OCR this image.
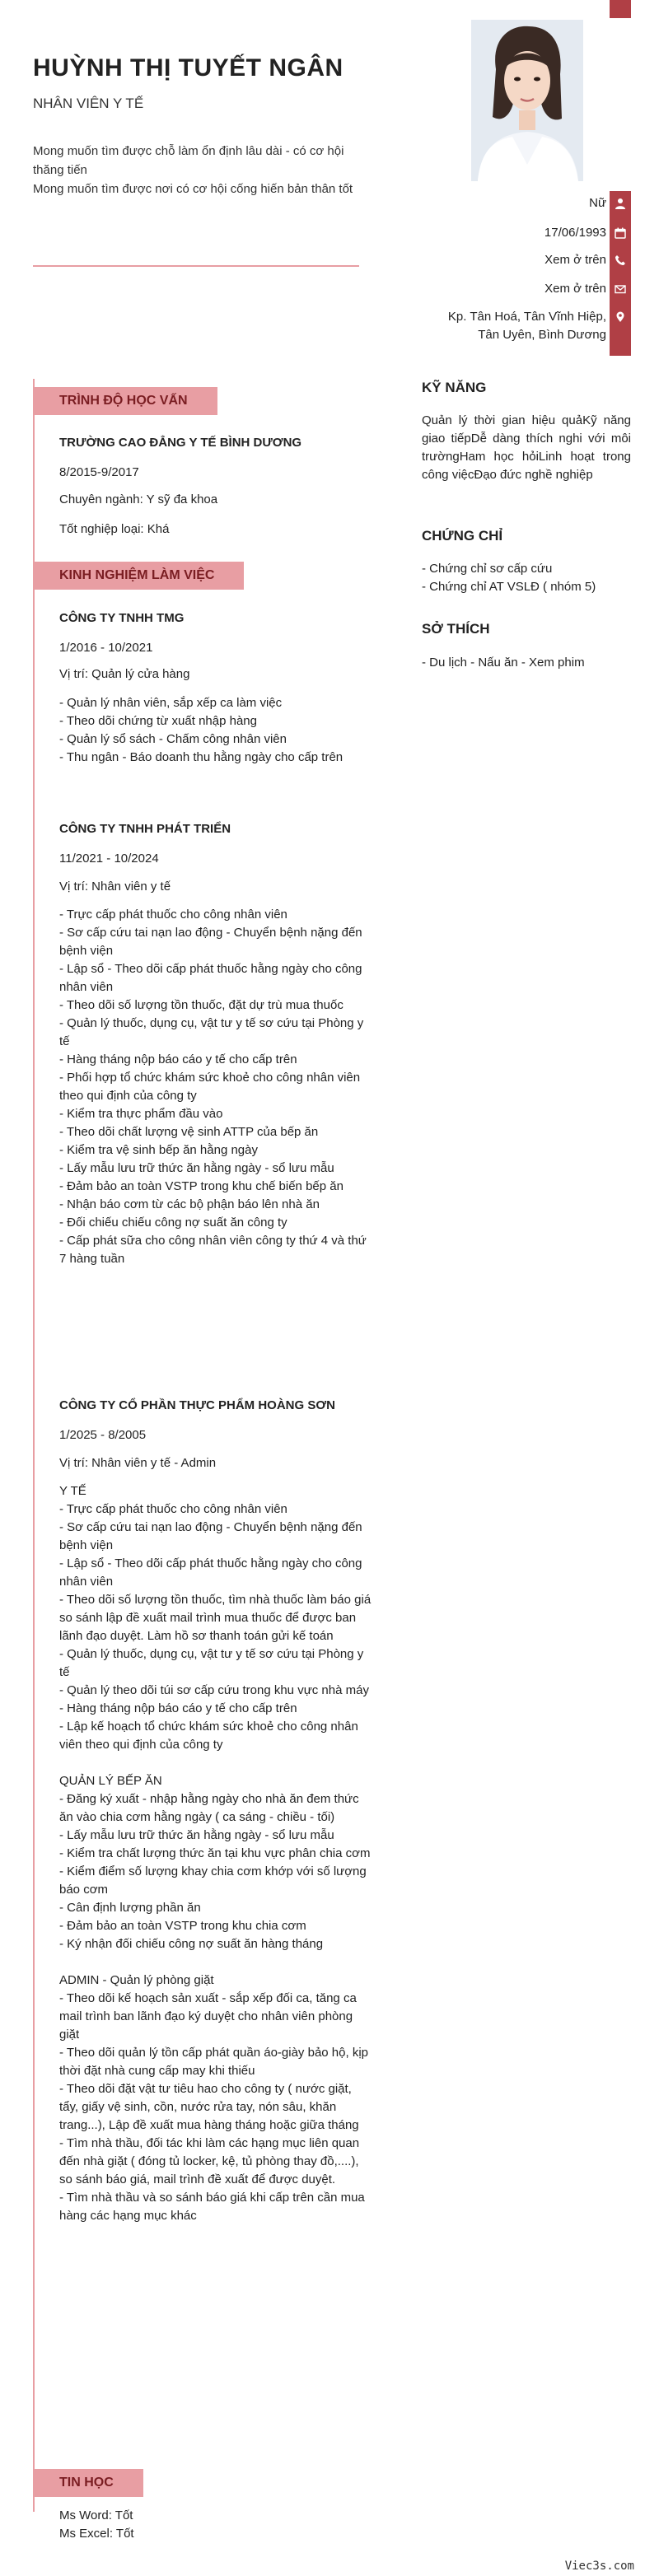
HUỲNH THỊ TUYẾT NGÂN
NHÂN VIÊN Y TẾ
Mong muốn tìm được chỗ làm ổn định lâu dài - có cơ hội thăng tiến
Mong muốn tìm được nơi có cơ hội cống hiến bản thân tốt
Nữ
17/06/1993
Xem ở trên
Xem ở trên
Kp. Tân Hoá, Tân Vĩnh Hiệp,
Tân Uyên, Bình Dương
TRÌNH ĐỘ HỌC VẤN
TRƯỜNG CAO ĐẲNG Y TẾ BÌNH DƯƠNG
8/2015-9/2017
Chuyên ngành: Y sỹ đa khoa
Tốt nghiệp loại: Khá
KINH NGHIỆM LÀM VIỆC
CÔNG TY TNHH TMG
1/2016 - 10/2021
Vị trí: Quản lý cửa hàng
- Quản lý nhân viên, sắp xếp ca làm việc
- Theo dõi chứng từ xuất nhập hàng
- Quản lý sổ sách - Chấm công nhân viên
- Thu ngân - Báo doanh thu hằng ngày cho cấp trên
CÔNG TY TNHH PHÁT TRIỂN
11/2021 - 10/2024
Vị trí: Nhân viên y tế
- Trực cấp phát thuốc cho công nhân viên
- Sơ cấp cứu tai nạn lao động - Chuyển bệnh nặng đến bệnh viện
- Lập sổ - Theo dõi cấp phát thuốc hằng ngày cho công nhân viên
- Theo dõi số lượng tồn thuốc, đặt dự trù mua thuốc
- Quản lý thuốc, dụng cụ, vật tư y tế sơ cứu tại Phòng y tế
- Hàng tháng nộp báo cáo y tế cho cấp trên
- Phối hợp tổ chức khám sức khoẻ cho công nhân viên theo qui định của công ty
- Kiểm tra thực phẩm đầu vào
- Theo dõi chất lượng vệ sinh ATTP của bếp ăn
- Kiểm tra vệ sinh bếp ăn hằng ngày
- Lấy mẫu lưu trữ thức ăn hằng ngày - sổ lưu mẫu
- Đảm bảo an toàn VSTP trong khu chế biến bếp ăn
- Nhận báo cơm từ các bộ phận báo lên nhà ăn
- Đối chiếu chiếu công nợ suất ăn công ty
- Cấp phát sữa cho công nhân viên công ty thứ 4 và thứ 7 hàng tuần
CÔNG TY CỔ PHẦN THỰC PHẨM HOÀNG SƠN
1/2025 - 8/2005
Vị trí: Nhân viên y tế - Admin
Y TẾ
- Trực cấp phát thuốc cho công nhân viên
- Sơ cấp cứu tai nạn lao động - Chuyển bệnh nặng đến bệnh viện
- Lập sổ - Theo dõi cấp phát thuốc hằng ngày cho công nhân viên
- Theo dõi số lượng tồn thuốc, tìm nhà thuốc làm báo giá so sánh lập đề xuất mail trình mua thuốc để được ban lãnh đạo duyệt. Làm hồ sơ thanh toán gửi kế toán
- Quản lý thuốc, dụng cụ, vật tư y tế sơ cứu tại Phòng y tế
- Quản lý theo dõi túi sơ cấp cứu trong khu vực nhà máy
- Hàng tháng nộp báo cáo y tế cho cấp trên
- Lập kế hoạch tổ chức khám sức khoẻ cho công nhân viên theo qui định của công ty
QUẢN LÝ BẾP ĂN
- Đăng ký xuất - nhập hằng ngày cho nhà ăn đem thức ăn vào chia cơm hằng ngày ( ca sáng - chiều - tối)
- Lấy mẫu lưu trữ thức ăn hằng ngày - sổ lưu mẫu
- Kiểm tra chất lượng thức ăn tại khu vực phân chia cơm
- Kiểm điểm số lượng khay chia cơm khớp với số lượng báo cơm
- Cân định lượng phần ăn
- Đảm bảo an toàn VSTP trong khu chia cơm
- Ký nhận đối chiếu công nợ suất ăn hàng tháng
ADMIN - Quản lý phòng giặt
- Theo dõi kế hoạch sản xuất - sắp xếp đối ca, tăng ca mail trình ban lãnh đạo ký duyệt cho nhân viên phòng giặt
- Theo dõi quản lý tồn cấp phát quần áo-giày bảo hộ, kịp thời đặt nhà cung cấp may khi thiếu
- Theo dõi đặt vật tư tiêu hao cho công ty ( nước giặt, tẩy, giấy vệ sinh, cồn, nước rửa tay, nón sâu, khăn trang...), Lập đề xuất mua hàng tháng hoặc giữa tháng
- Tìm nhà thầu, đối tác khi làm các hạng mục liên quan đến nhà giặt ( đóng tủ locker, kệ, tủ phòng thay đồ,....), so sánh báo giá, mail trình đề xuất để được duyệt.
- Tìm nhà thầu và so sánh báo giá khi cấp trên cần mua hàng các hạng mục khác
TIN HỌC
Ms Word: Tốt
Ms Excel: Tốt
KỸ NĂNG
Quản lý thời gian hiệu quảKỹ năng giao tiếpDễ dàng thích nghi với môi trườngHam học hỏiLinh hoạt trong công việcĐạo đức nghề nghiệp
CHỨNG CHỈ
- Chứng chỉ sơ cấp cứu
- Chứng chỉ AT VSLĐ ( nhóm 5)
SỞ THÍCH
- Du lịch - Nấu ăn - Xem phim
Viec3s.com
